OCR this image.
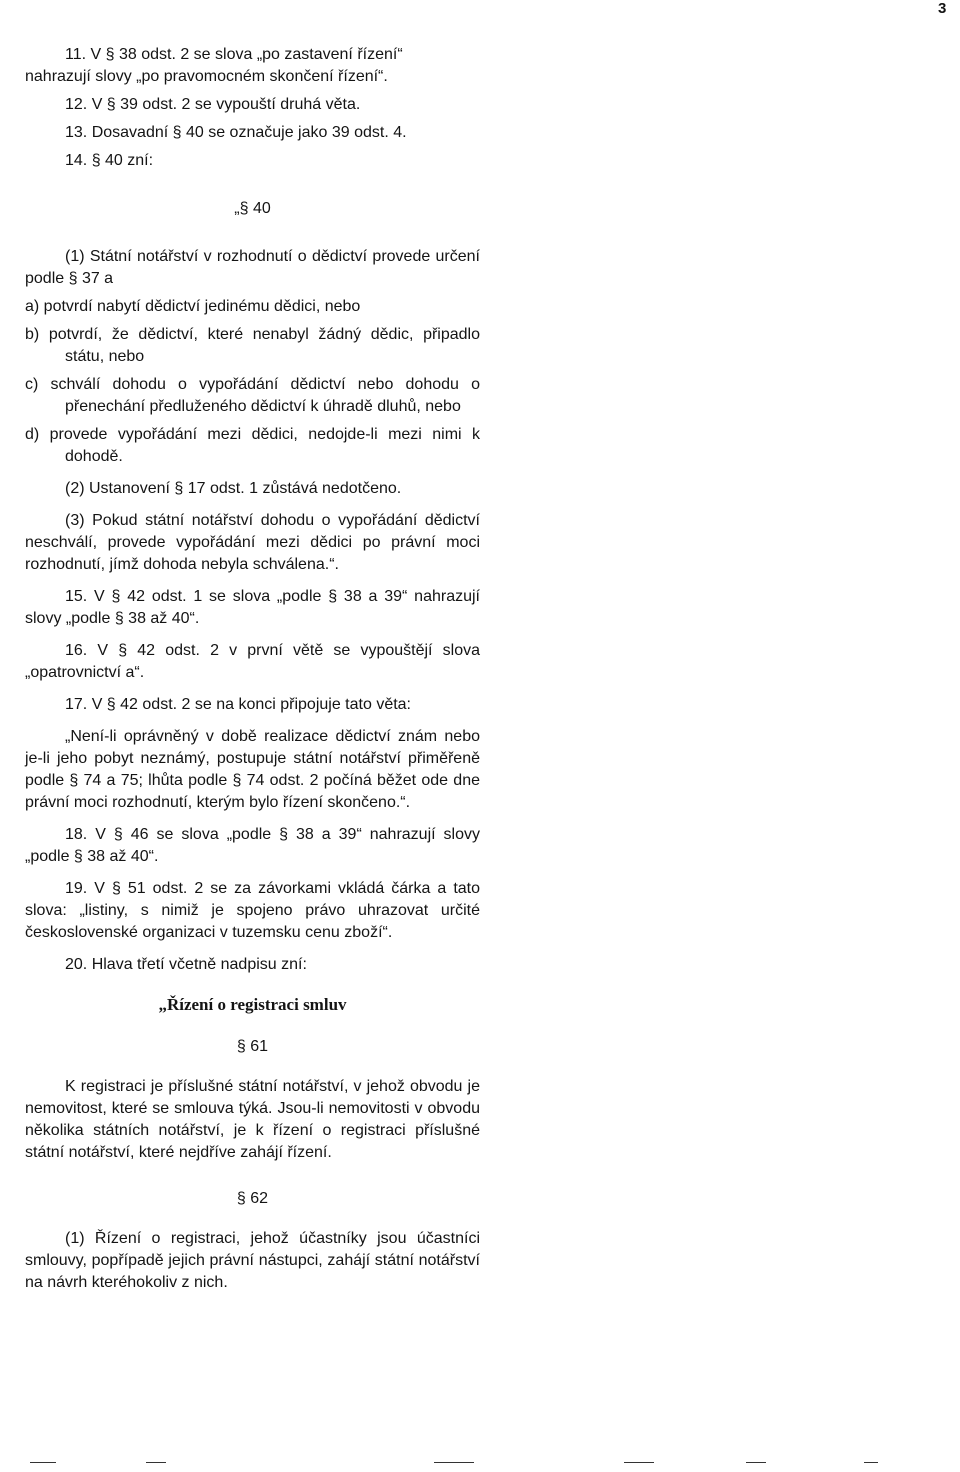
3

11. V § 38 odst. 2 se slova „po zastavení řízení“

nahrazují slovy „po pravomocném skončení řízení“.

12. V § 39 odst. 2 se vypouští druhá věta.

13. Dosavadní § 40 se označuje jako 39 odst. 4.

14. § 40 zní:

„§ 40

(1) Státní notářství v rozhodnutí o dědictví provede určení podle § 37 a

a) potvrdí nabytí dědictví jedinému dědici, nebo

b) potvrdí, že dědictví, které nenabyl žádný dědic, připadlo státu, nebo

c) schválí dohodu o vypořádání dědictví nebo dohodu o přenechání předluženého dědictví k úhradě dluhů, nebo

d) provede vypořádání mezi dědici, nedojde-li mezi nimi k dohodě.

(2) Ustanovení § 17 odst. 1 zůstává nedotčeno.

(3) Pokud státní notářství dohodu o vypořádání dědictví neschválí, provede vypořádání mezi dědici po právní moci rozhodnutí, jímž dohoda nebyla schválena.“.

15. V § 42 odst. 1 se slova „podle § 38 a 39“ nahrazují slovy „podle § 38 až 40“.

16. V § 42 odst. 2 v první větě se vypouštějí slova „opatrovnictví a“.

17. V § 42 odst. 2 se na konci připojuje tato věta:

„Není-li oprávněný v době realizace dědictví znám nebo je-li jeho pobyt neznámý, postupuje státní notářství přiměřeně podle § 74 a 75; lhůta podle § 74 odst. 2 počíná běžet ode dne právní moci rozhodnutí, kterým bylo řízení skončeno.“.

18. V § 46 se slova „podle § 38 a 39“ nahrazují slovy „podle § 38 až 40“.

19. V § 51 odst. 2 se za závorkami vkládá čárka a tato slova: „listiny, s nimiž je spojeno právo uhrazovat určité československé organizaci v tuzemsku cenu zboží“.

20. Hlava třetí včetně nadpisu zní:

„Řízení o registraci smluv

§ 61

K registraci je příslušné státní notářství, v jehož obvodu je nemovitost, které se smlouva týká. Jsou-li nemovitosti v obvodu několika státních notářství, je k řízení o registraci příslušné státní notářství, které nejdříve zahájí řízení.

§ 62

(1) Řízení o registraci, jehož účastníky jsou účastníci smlouvy, popřípadě jejich právní nástupci, zahájí státní notářství na návrh kteréhokoliv z nich.
